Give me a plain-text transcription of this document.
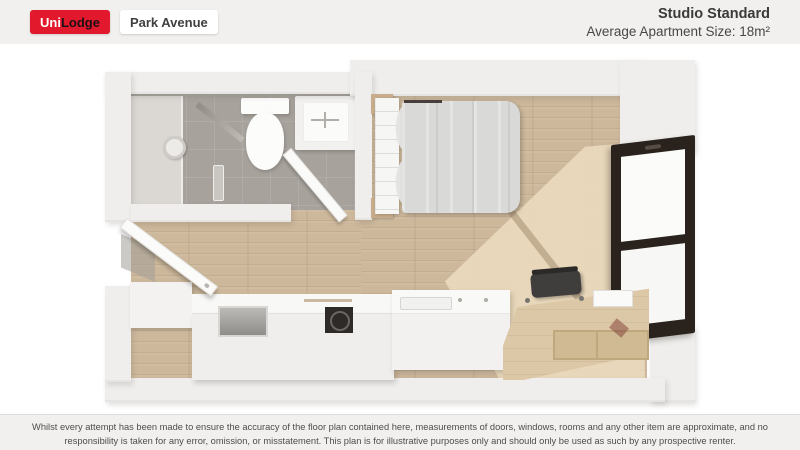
Uni Lodge	Park Avenue	Studio Standard
Average Apartment Size: 18m²
Whilst every attempt has been made to ensure the accuracy of the floor plan contained here, measurements of doors, windows, rooms and any other item are approximate, and no responsibility is taken for any error, omission, or misstatement. This plan is for illustrative purposes only and should only be used as such by any prospective renter.
